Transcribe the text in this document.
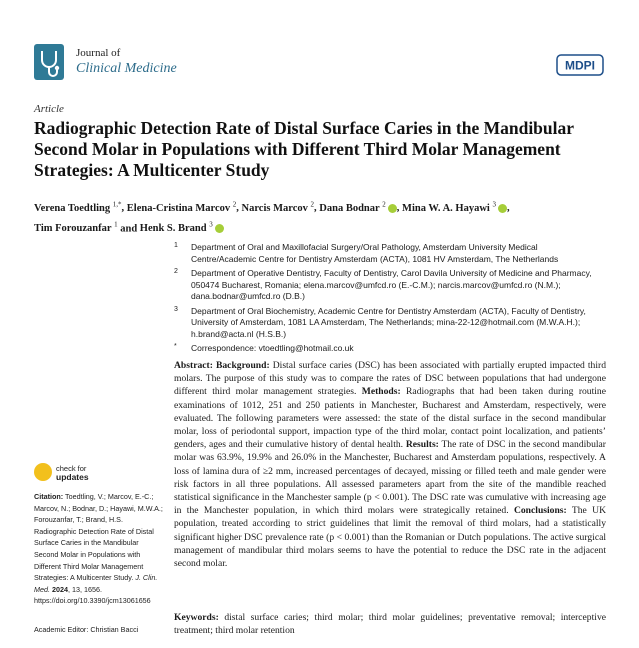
Journal of
Clinical Medicine	MDPI
Article
Radiographic Detection Rate of Distal Surface Caries in the Mandibular Second Molar in Populations with Different Third Molar Management Strategies: A Multicenter Study
Verena Toedtling $^{1,*}$, Elena-Cristina Marcov $^2$, Narcis Marcov $^2$, Dana Bodnar $^2$ , Mina W. A. Hayawi $^3$ ,
Tim Forouzanfar $^1$ and Henk S. Brand $^3$
1 Department of Oral and Maxillofacial Surgery/Oral Pathology, Amsterdam University Medical Centre/Academic Centre for Dentistry Amsterdam (ACTA), 1081 HV Amsterdam, The Netherlands
2 Department of Operative Dentistry, Faculty of Dentistry, Carol Davila University of Medicine and Pharmacy, 050474 Bucharest, Romania; elena.marcov@umfcd.ro (E.-C.M.); narcis.marcov@umfcd.ro (N.M.); dana.bodnar@umfcd.ro (D.B.)
3 Department of Oral Biochemistry, Academic Centre for Dentistry Amsterdam (ACTA), Faculty of Dentistry, University of Amsterdam, 1081 LA Amsterdam, The Netherlands; mina-22-12@hotmail.com (M.W.A.H.); h.brand@acta.nl (H.S.B.)
* Correspondence: vtoedtling@hotmail.co.uk
Abstract: Background: Distal surface caries (DSC) has been associated with partially erupted impacted third molars. The purpose of this study was to compare the rates of DSC between populations that had undergone different third molar management strategies. Methods: Radiographs that had been taken during routine examinations of 1012, 251 and 250 patients in Manchester, Bucharest and Amsterdam, respectively, were evaluated. The following parameters were assessed: the state of the distal surface in the second mandibular molar, loss of periodontal support, impaction type of the third molar, contact point localization, and patients’ genders, ages and their cumulative history of dental health. Results: The rate of DSC in the second mandibular molar was 63.9%, 19.9% and 26.0% in the Manchester, Bucharest and Amsterdam populations, respectively. A loss of lamina dura of ≥2 mm, increased percentages of decayed, missing or filled teeth and male gender were risk factors in all three populations. All assessed parameters apart from the site of the mandible reached statistical significance in the Manchester sample (p < 0.001). The DSC rate was cumulative with increasing age in the Manchester population, in which third molars were strategically retained. Conclusions: The UK population, treated according to strict guidelines that limit the removal of third molars, had a statistically significant higher DSC prevalence rate (p < 0.001) than the Romanian or Dutch populations. The active surgical management of mandibular third molars seems to have the potential to reduce the DSC rate in the adjacent second molar.
Keywords: distal surface caries; third molar; third molar guidelines; preventative removal; interceptive treatment; third molar retention
check for
updates
Citation: Toedtling, V.; Marcov, E.-C.; Marcov, N.; Bodnar, D.; Hayawi, M.W.A.; Forouzanfar, T.; Brand, H.S. Radiographic Detection Rate of Distal Surface Caries in the Mandibular Second Molar in Populations with Different Third Molar Management Strategies: A Multicenter Study. J. Clin. Med. 2024, 13, 1656. https://doi.org/10.3390/jcm13061656
Academic Editor: Christian Bacci
